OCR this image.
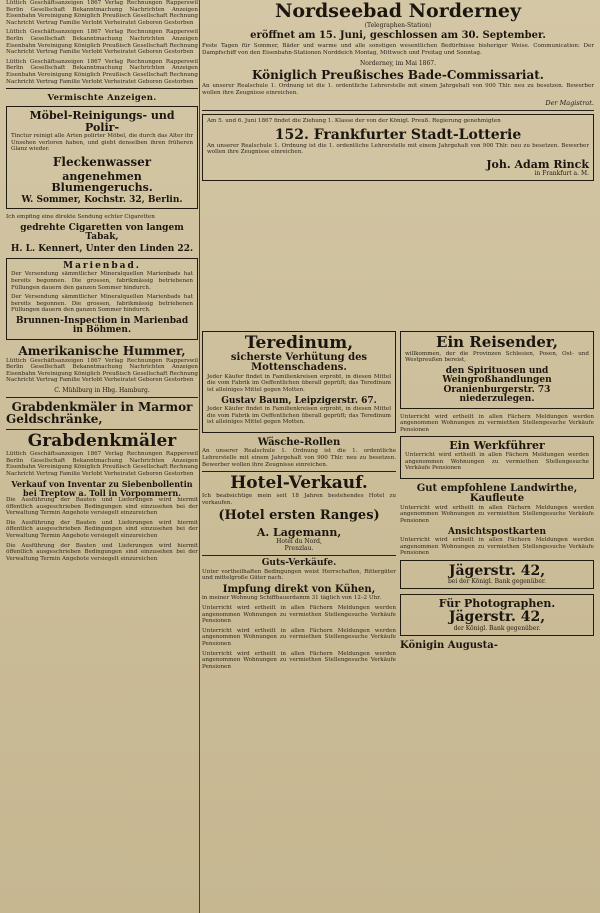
Lüttich Geschäftsanzeigen 1867 Verlag Rechnungen Rapperswil Berlin Gesellschaft Bekanntmachung Nachrichten Anzeigen Eisenbahn Vereinigung Königlich Preußisch Gesellschaft Rechnung Nachricht Vertrag Familie Verlobt Verheiratet Geboren Gestorben

Lüttich Geschäftsanzeigen 1867 Verlag Rechnungen Rapperswil Berlin Gesellschaft Bekanntmachung Nachrichten Anzeigen Eisenbahn Vereinigung Königlich Preußisch Gesellschaft Rechnung Nachricht Vertrag Familie Verlobt Verheiratet Geboren Gestorben

Lüttich Geschäftsanzeigen 1867 Verlag Rechnungen Rapperswil Berlin Gesellschaft Bekanntmachung Nachrichten Anzeigen Eisenbahn Vereinigung Königlich Preußisch Gesellschaft Rechnung Nachricht Vertrag Familie Verlobt Verheiratet Geboren Gestorben

Vermischte Anzeigen.
Möbel-Reinigungs- und Polir-

Tinctur reinigt alle Arten polirter Möbel, die durch das Alter ihr Unsehen verloren haben, und giebt denselben ihren früheren Glanz wieder.

Fleckenwasser
angenehmen Blumengeruchs.
W. Sommer, Kochstr. 32, Berlin.

Ich empfing eine direkte Sendung echter Cigaretten

gedrehte Cigaretten von langem Tabak,
H. L. Kennert, Unter den Linden 22.
Marienbad.

Der Versendung sämmtlicher Mineralquellen Marienbads hat bereits begonnen. Die grossen, fabrikmässig betriebenen Füllungen dauern den ganzen Sommer hindurch.

Der Versendung sämmtlicher Mineralquellen Marienbads hat bereits begonnen. Die grossen, fabrikmässig betriebenen Füllungen dauern den ganzen Sommer hindurch.

Brunnen-Inspection in Marienbad in Böhmen.
Amerikanische Hummer,

Lüttich Geschäftsanzeigen 1867 Verlag Rechnungen Rapperswil Berlin Gesellschaft Bekanntmachung Nachrichten Anzeigen Eisenbahn Vereinigung Königlich Preußisch Gesellschaft Rechnung Nachricht Vertrag Familie Verlobt Verheiratet Geboren Gestorben

C. Mühlburg in Hbg. Hamburg.
Grabdenkmäler in Marmor
Geldschränke,
Grabdenkmäler

Lüttich Geschäftsanzeigen 1867 Verlag Rechnungen Rapperswil Berlin Gesellschaft Bekanntmachung Nachrichten Anzeigen Eisenbahn Vereinigung Königlich Preußisch Gesellschaft Rechnung Nachricht Vertrag Familie Verlobt Verheiratet Geboren Gestorben

Verkauf von Inventar zu Siebenbollentin bei Treptow a. Toll in Vorpommern.

Die Ausführung der Bauten und Lieferungen wird hiermit öffentlich ausgeschrieben Bedingungen sind einzusehen bei der Verwaltung Termin Angebote versiegelt einzureichen

Die Ausführung der Bauten und Lieferungen wird hiermit öffentlich ausgeschrieben Bedingungen sind einzusehen bei der Verwaltung Termin Angebote versiegelt einzureichen

Die Ausführung der Bauten und Lieferungen wird hiermit öffentlich ausgeschrieben Bedingungen sind einzusehen bei der Verwaltung Termin Angebote versiegelt einzureichen

Nordseebad Norderney
(Telegraphen-Station)
eröffnet am 15. Juni, geschlossen am 30. September.

Feste Tagen für Sommer, Bäder und warme und alle sonstigen wesentlichen Bedürfnisse bisheriger Weise. Communication: Der Dampfschiff von den Eisenbahn-Stationen Norddeich Montag, Mittwoch und Freitag und Sonntag.

Norderney, im Mai 1867.
Königlich Preußisches Bade-Commissariat.

An unserer Realschule 1. Ordnung ist die 1. ordentliche Lehrerstelle mit einem Jahrgehalt von 900 Thlr. neu zu besetzen. Bewerber wollen ihre Zeugnisse einreichen.

Der Magistrat.

Am 5. und 6. Juni 1867 findet die Ziehung 1. Klasse der von der Königl. Preuß. Regierung genehmigten

152. Frankfurter Stadt-Lotterie

An unserer Realschule 1. Ordnung ist die 1. ordentliche Lehrerstelle mit einem Jahrgehalt von 900 Thlr. neu zu besetzen. Bewerber wollen ihre Zeugnisse einreichen.

Joh. Adam Rinck
in Frankfurt a. M.
Teredinum,
sicherste Verhütung des Mottenschadens.

Jeder Käufer findet in Familienkreisen erprobt, in diesen Mittel die vom Fabrik im Oeffentlichen überall geprüft; das Teredinum ist alleiniges Mittel gegen Motten.

Gustav Baum, Leipzigerstr. 67.

Jeder Käufer findet in Familienkreisen erprobt, in diesen Mittel die vom Fabrik im Oeffentlichen überall geprüft; das Teredinum ist alleiniges Mittel gegen Motten.

Wäsche-Rollen

An unserer Realschule 1. Ordnung ist die 1. ordentliche Lehrerstelle mit einem Jahrgehalt von 900 Thlr. neu zu besetzen. Bewerber wollen ihre Zeugnisse einreichen.

Hotel-Verkauf.

Ich beabsichtige mein seit 18 Jahren bestehendes Hotel zu verkaufen.

(Hotel ersten Ranges)
A. Lagemann,
Hotel du Nord,
Prenzlau.
Guts-Verkäufe.

Unter vortheilhaften Bedingungen weist Herrschaften, Rittergüter und mittelgroße Güter nach.

Impfung direkt von Kühen,

in meiner Wohnung Schiffbauerdamm 31 täglich von 12–2 Uhr.

Unterricht wird ertheilt in allen Fächern Meldungen werden angenommen Wohnungen zu vermiethen Stellengesuche Verkäufe Pensionen

Unterricht wird ertheilt in allen Fächern Meldungen werden angenommen Wohnungen zu vermiethen Stellengesuche Verkäufe Pensionen

Unterricht wird ertheilt in allen Fächern Meldungen werden angenommen Wohnungen zu vermiethen Stellengesuche Verkäufe Pensionen

Ein Reisender,

willkommen, der die Provinzen Schlesien, Posen, Ost- und Westpreußen bereist,

den Spirituosen und Weingroßhandlungen
Oranienburgerstr. 73 niederzulegen.

Unterricht wird ertheilt in allen Fächern Meldungen werden angenommen Wohnungen zu vermiethen Stellengesuche Verkäufe Pensionen

Ein Werkführer

Unterricht wird ertheilt in allen Fächern Meldungen werden angenommen Wohnungen zu vermiethen Stellengesuche Verkäufe Pensionen

Gut empfohlene Landwirthe, Kaufleute

Unterricht wird ertheilt in allen Fächern Meldungen werden angenommen Wohnungen zu vermiethen Stellengesuche Verkäufe Pensionen

Ansichtspostkarten

Unterricht wird ertheilt in allen Fächern Meldungen werden angenommen Wohnungen zu vermiethen Stellengesuche Verkäufe Pensionen

Jägerstr. 42,
bei der Königl. Bank gegenüber.
Für Photographen.
Jägerstr. 42,
der Königl. Bank gegenüber.
Königin Augusta-
